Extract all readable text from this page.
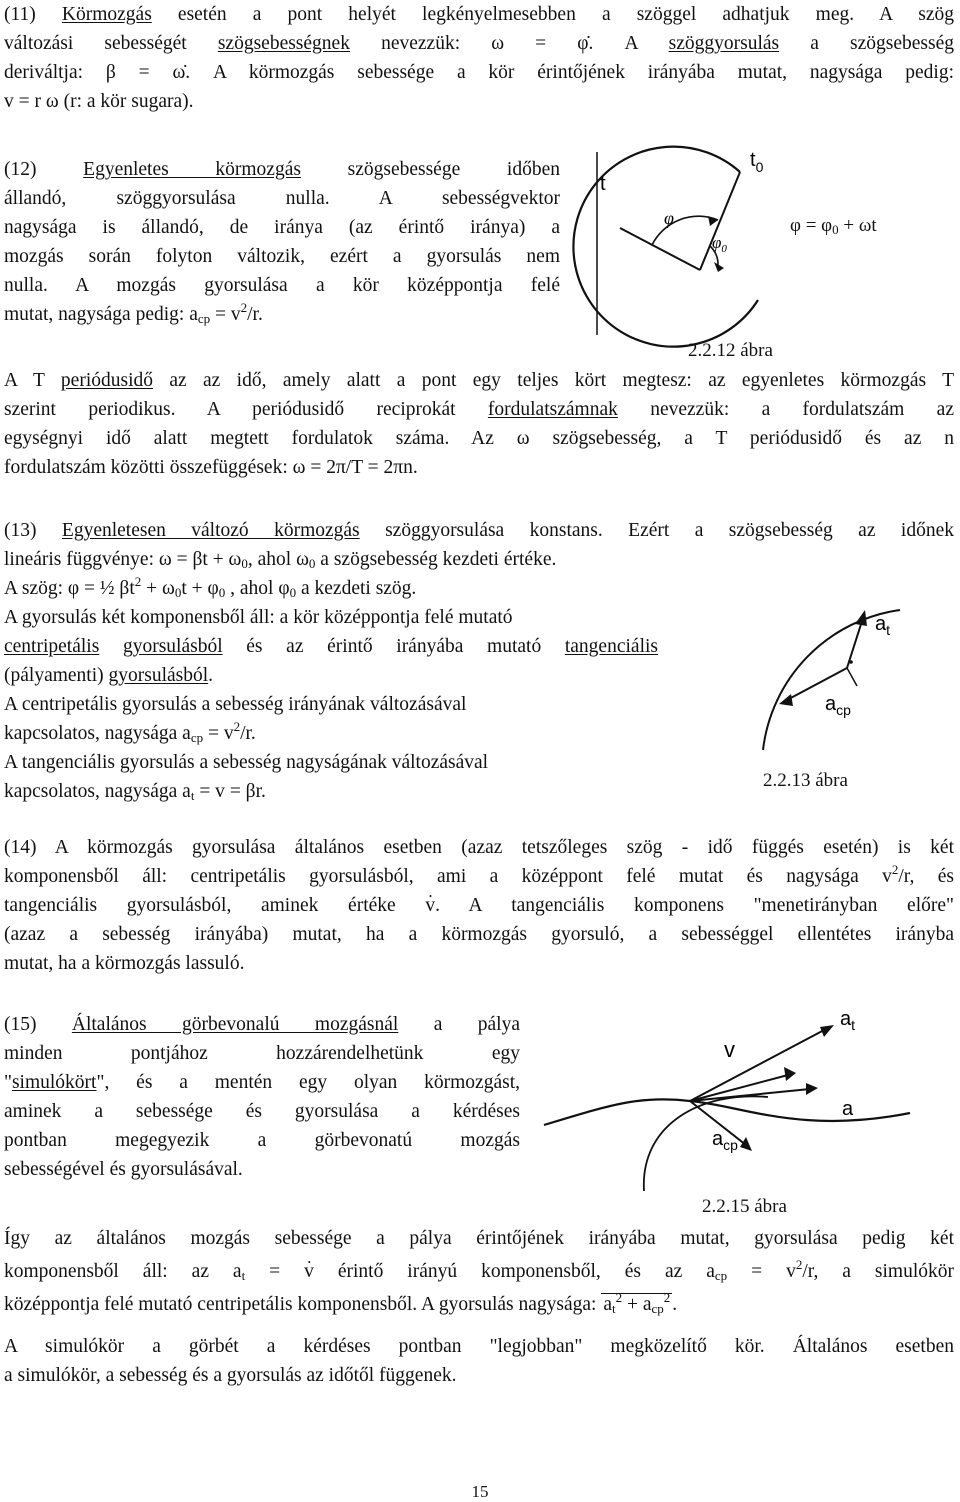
(11) Körmozgás esetén a pont helyét legkényelmesebben a szöggel adhatjuk meg. A szög
változási sebességét szögsebességnek nevezzük: ω = φ̇. A szöggyorsulás a szögsebesség
deriváltja: β = ω̇. A körmozgás sebessége a kör érintőjének irányába mutat, nagysága pedig:
v = r ω (r: a kör sugara).
(12) Egyenletes körmozgás szögsebessége időben
állandó, szöggyorsulása nulla. A sebességvektor
nagysága is állandó, de iránya (az érintő iránya) a
mozgás során folyton változik, ezért a gyorsulás nem
nulla. A mozgás gyorsulása a kör középpontja felé
mutat, nagysága pedig: $a_{cp} = v^2/r$.
φ
$\varphi_0$
t
$t_0$
$\varphi = \varphi_0 + \omega t$
2.2.12 ábra
A T periódusidő az az idő, amely alatt a pont egy teljes kört megtesz: az egyenletes körmozgás T
szerint periodikus. A periódusidő reciprokát fordulatszámnak nevezzük: a fordulatszám az
egységnyi idő alatt megtett fordulatok száma. Az ω szögsebesség, a T periódusidő és az n
fordulatszám közötti összefüggések: ω = 2π/T = 2πn.
(13) Egyenletesen változó körmozgás szöggyorsulása konstans. Ezért a szögsebesség az időnek
lineáris függvénye: $\omega = \beta t + \omega_0$, ahol $\omega_0$ a szögsebesség kezdeti értéke.
A szög: φ = ½ $\beta t^2 + \omega_0t + \varphi_0$ , ahol $\varphi_0$ a kezdeti szög.
A gyorsulás két komponensből áll: a kör középpontja felé mutató
centripetális gyorsulásból és az érintő irányába mutató tangenciális
(pályamenti) gyorsulásból.
A centripetális gyorsulás a sebesség irányának változásával
kapcsolatos, nagysága $a_{cp} = v^2/r$.
A tangenciális gyorsulás a sebesség nagyságának változásával
kapcsolatos, nagysága $a_t = v = \beta r$.
$a_t$
$a_{cp}$
2.2.13 ábra
(14) A körmozgás gyorsulása általános esetben (azaz tetszőleges szög - idő függés esetén) is két
komponensből áll: centripetális gyorsulásból, ami a középpont felé mutat és nagysága $v^2/r$, és
tangenciális gyorsulásból, aminek értéke . v. A tangenciális komponens "menetirányban előre"
(azaz a sebesség irányába) mutat, ha a körmozgás gyorsuló, a sebességgel ellentétes irányba
mutat, ha a körmozgás lassuló.
(15) Általános görbevonalú mozgásnál a pálya
minden pontjához hozzárendelhetünk egy
"simulókört", és a mentén egy olyan körmozgást,
aminek a sebessége és gyorsulása a kérdéses
pontban megegyezik a görbevonatú mozgás
sebességével és gyorsulásával.
v
$a_t$
a
$a_{cp}$
2.2.15 ábra
Így az általános mozgás sebessége a pálya érintőjének irányába mutat, gyorsulása pedig két
komponensből áll: az $a_t$ = . v érintő irányú komponensből, és az $a_{cp} = v^2/r$, a simulókör
középpontja felé mutató centripetális komponensből. A gyorsulás nagysága: $a_t^2 + a_{cp}^2$ .
A simulókör a görbét a kérdéses pontban "legjobban" megközelítő kör. Általános esetben
a simulókör, a sebesség és a gyorsulás az időtől függenek.
15
